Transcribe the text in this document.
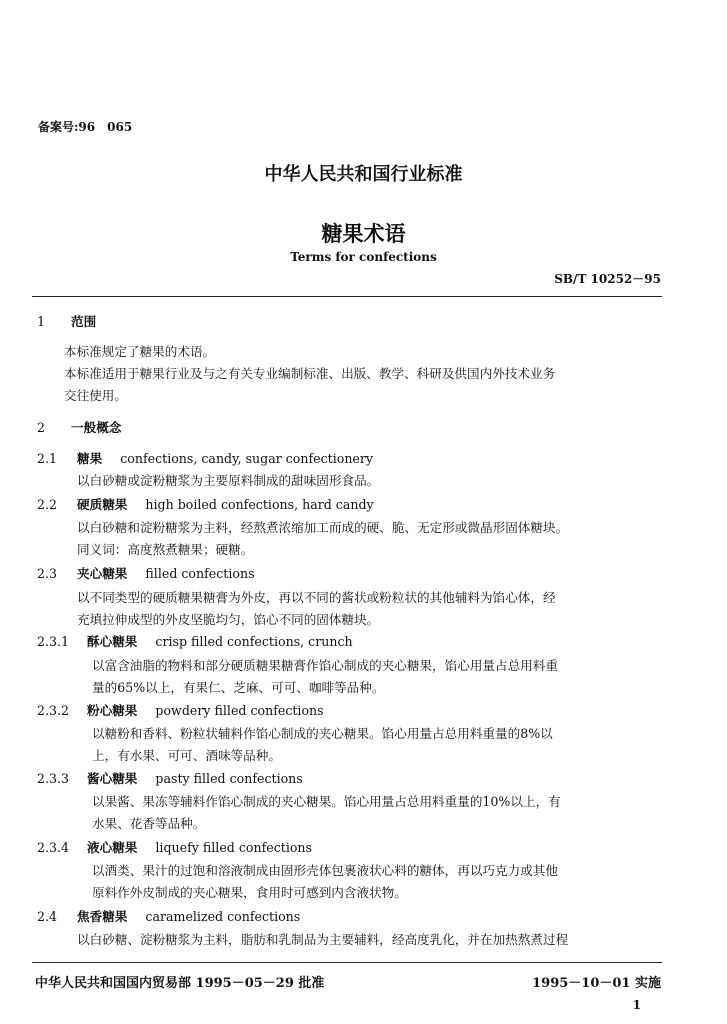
备案号:96　065
中华人民共和国行业标准
糖果术语
Terms for confections
SB/T 10252－95
1 范围
本标准规定了糖果的术语。
本标准适用于糖果行业及与之有关专业编制标准、出版、教学、科研及供国内外技术业务
交往使用。
2 一般概念
2.1 糖果 confections, candy, sugar confectionery
以白砂糖或淀粉糖浆为主要原料制成的甜味固形食品。
2.2 硬质糖果 high boiled confections, hard candy
以白砂糖和淀粉糖浆为主料，经熬煮浓缩加工而成的硬、脆、无定形或微晶形固体糖块。
同义词：高度熬煮糖果；硬糖。
2.3 夹心糖果 filled confections
以不同类型的硬质糖果糖膏为外皮，再以不同的酱状或粉粒状的其他辅料为馅心体，经
充填拉伸成型的外皮坚脆均匀，馅心不同的固体糖块。
2.3.1 酥心糖果 crisp filled confections, crunch
以富含油脂的物料和部分硬质糖果糖膏作馅心制成的夹心糖果，馅心用量占总用料重
量的65%以上，有果仁、芝麻、可可、咖啡等品种。
2.3.2 粉心糖果 powdery filled confections
以糖粉和香料、粉粒状辅料作馅心制成的夹心糖果。馅心用量占总用料重量的8%以
上，有水果、可可、酒味等品种。
2.3.3 酱心糖果 pasty filled confections
以果酱、果冻等辅料作馅心制成的夹心糖果。馅心用量占总用料重量的10%以上，有
水果、花香等品种。
2.3.4 液心糖果 liquefy filled confections
以酒类、果汁的过饱和溶液制成由固形壳体包裹液状心料的糖体，再以巧克力或其他
原料作外皮制成的夹心糖果，食用时可感到内含液状物。
2.4 焦香糖果 caramelized confections
以白砂糖、淀粉糖浆为主料，脂肪和乳制品为主要辅料，经高度乳化，并在加热熬煮过程
中华人民共和国国内贸易部 1995－05－29 批准	1995－10－01 实施
1
